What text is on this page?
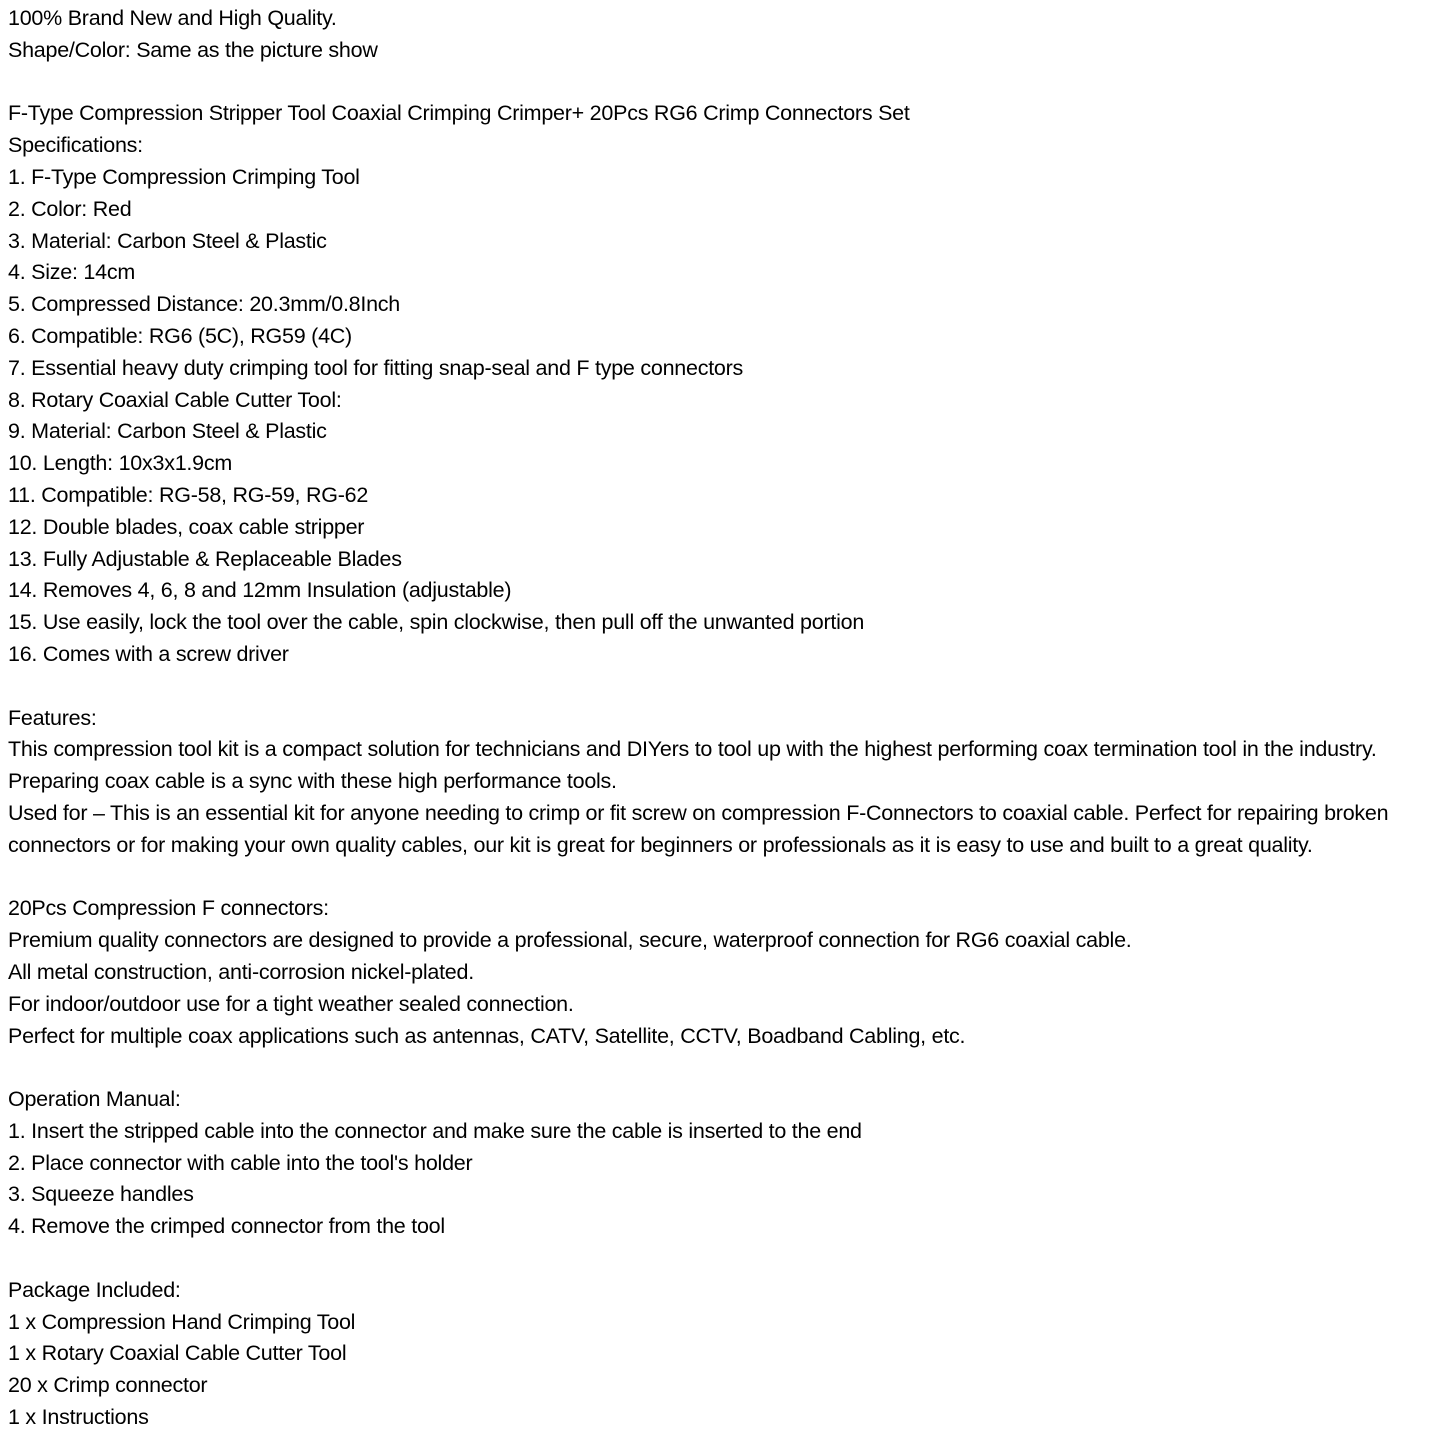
100% Brand New and High Quality.
Shape/Color: Same as the picture show
F-Type Compression Stripper Tool Coaxial Crimping Crimper+ 20Pcs RG6 Crimp Connectors Set
Specifications:
1. F-Type Compression Crimping Tool
2. Color: Red
3. Material: Carbon Steel & Plastic
4. Size: 14cm
5. Compressed Distance: 20.3mm/0.8Inch
6. Compatible: RG6 (5C), RG59 (4C)
7. Essential heavy duty crimping tool for fitting snap-seal and F type connectors
8. Rotary Coaxial Cable Cutter Tool:
9. Material: Carbon Steel & Plastic
10. Length: 10x3x1.9cm
11. Compatible: RG-58, RG-59, RG-62
12. Double blades, coax cable stripper
13. Fully Adjustable & Replaceable Blades
14. Removes 4, 6, 8 and 12mm Insulation (adjustable)
15. Use easily, lock the tool over the cable, spin clockwise, then pull off the unwanted portion
16. Comes with a screw driver
Features:
This compression tool kit is a compact solution for technicians and DIYers to tool up with the highest performing coax termination tool in the industry.
Preparing coax cable is a sync with these high performance tools.
Used for – This is an essential kit for anyone needing to crimp or fit screw on compression F-Connectors to coaxial cable. Perfect for repairing broken connectors or for making your own quality cables, our kit is great for beginners or professionals as it is easy to use and built to a great quality.
20Pcs Compression F connectors:
Premium quality connectors are designed to provide a professional, secure, waterproof connection for RG6 coaxial cable.
All metal construction, anti-corrosion nickel-plated.
For indoor/outdoor use for a tight weather sealed connection.
Perfect for multiple coax applications such as antennas, CATV, Satellite, CCTV, Boadband Cabling, etc.
Operation Manual:
1. Insert the stripped cable into the connector and make sure the cable is inserted to the end
2. Place connector with cable into the tool's holder
3. Squeeze handles
4. Remove the crimped connector from the tool
Package Included:
1 x Compression Hand Crimping Tool
1 x Rotary Coaxial Cable Cutter Tool
20 x Crimp connector
1 x Instructions
